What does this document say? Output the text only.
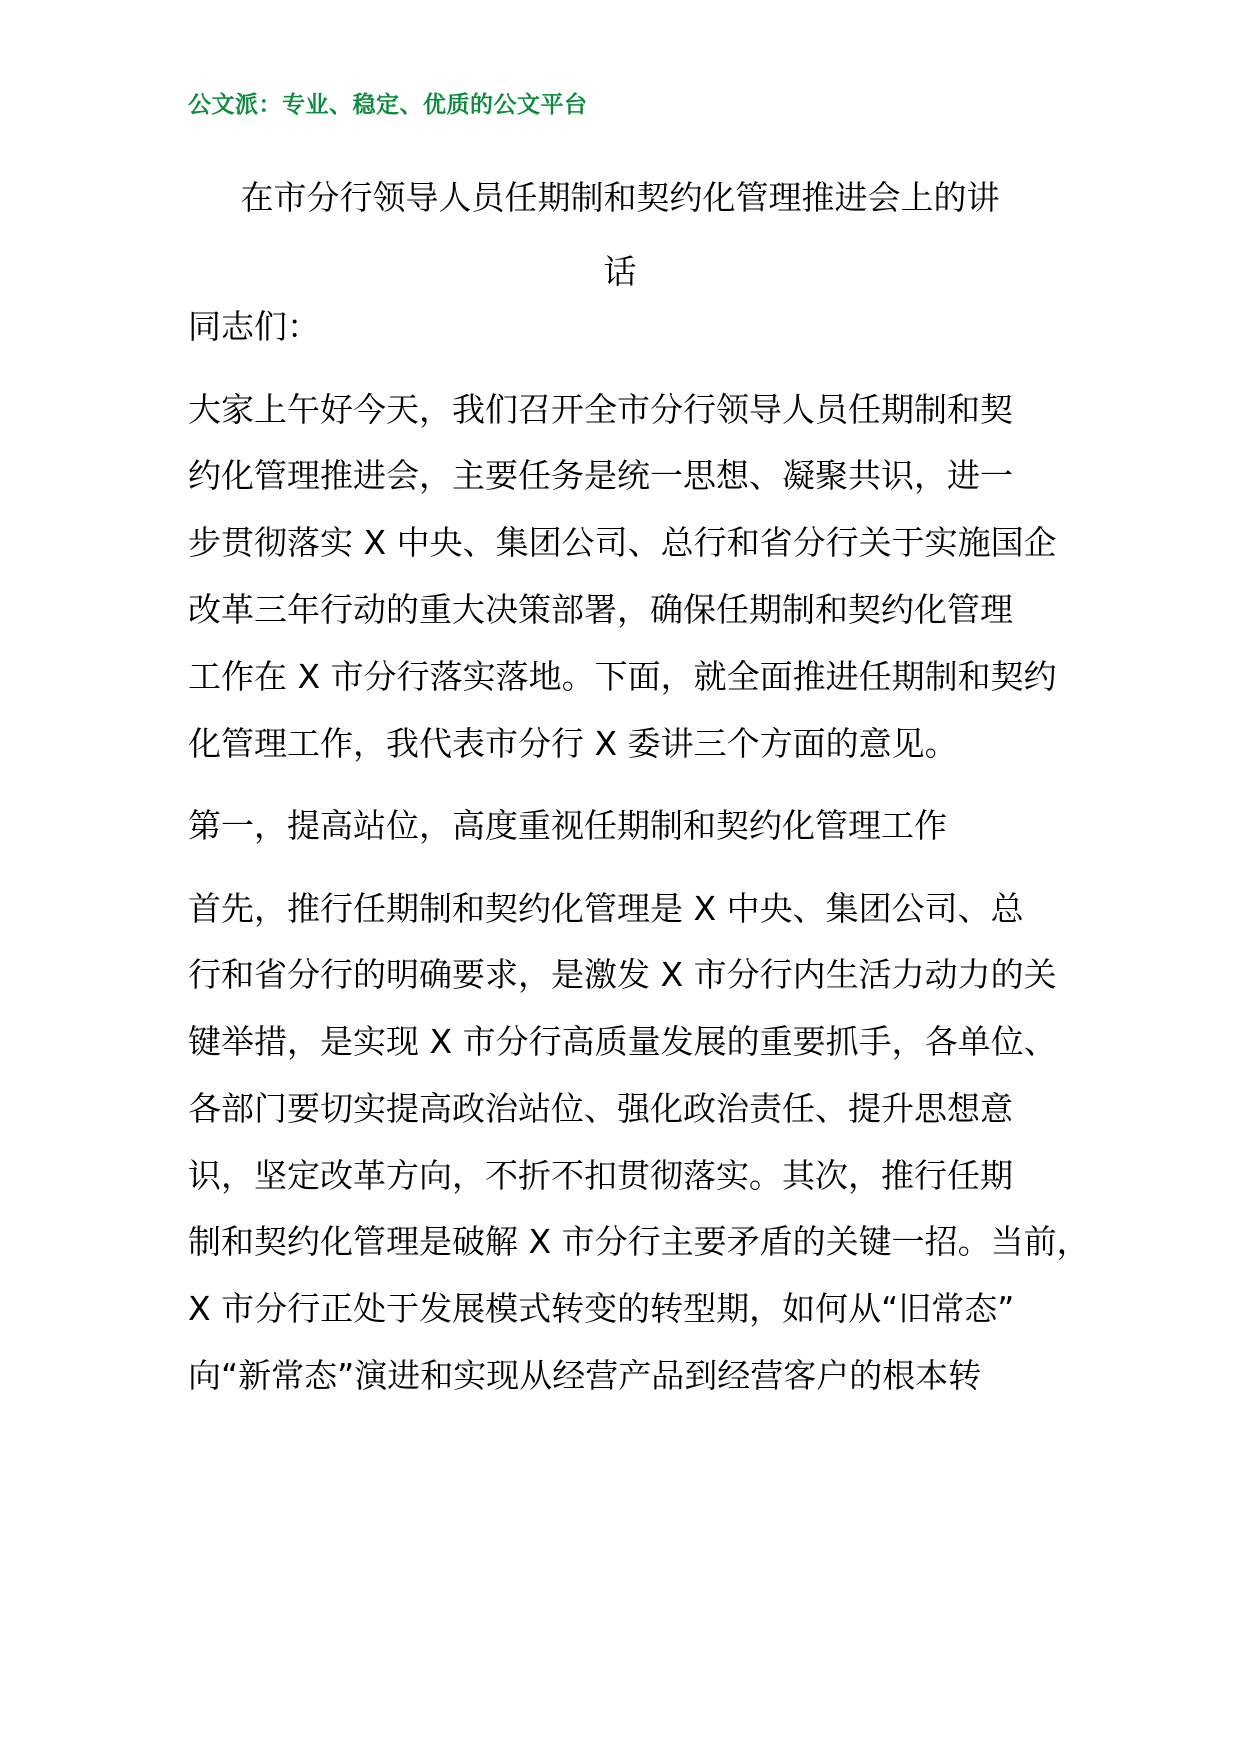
公文派：专业、稳定、优质的公文平台
在市分行领导人员任期制和契约化管理推进会上的讲
话
同志们：
大家上午好今天，我们召开全市分行领导人员任期制和契
约化管理推进会，主要任务是统一思想、凝聚共识，进一
步贯彻落实 X 中央、集团公司、总行和省分行关于实施国企
改革三年行动的重大决策部署，确保任期制和契约化管理
工作在 X 市分行落实落地。下面，就全面推进任期制和契约
化管理工作，我代表市分行 X 委讲三个方面的意见。
第一，提高站位，高度重视任期制和契约化管理工作
首先，推行任期制和契约化管理是 X 中央、集团公司、总
行和省分行的明确要求，是激发 X 市分行内生活力动力的关
键举措，是实现 X 市分行高质量发展的重要抓手，各单位、
各部门要切实提高政治站位、强化政治责任、提升思想意
识，坚定改革方向，不折不扣贯彻落实。其次，推行任期
制和契约化管理是破解 X 市分行主要矛盾的关键一招。当前，
X 市分行正处于发展模式转变的转型期，如何从“旧常态”
向“新常态”演进和实现从经营产品到经营客户的根本转
